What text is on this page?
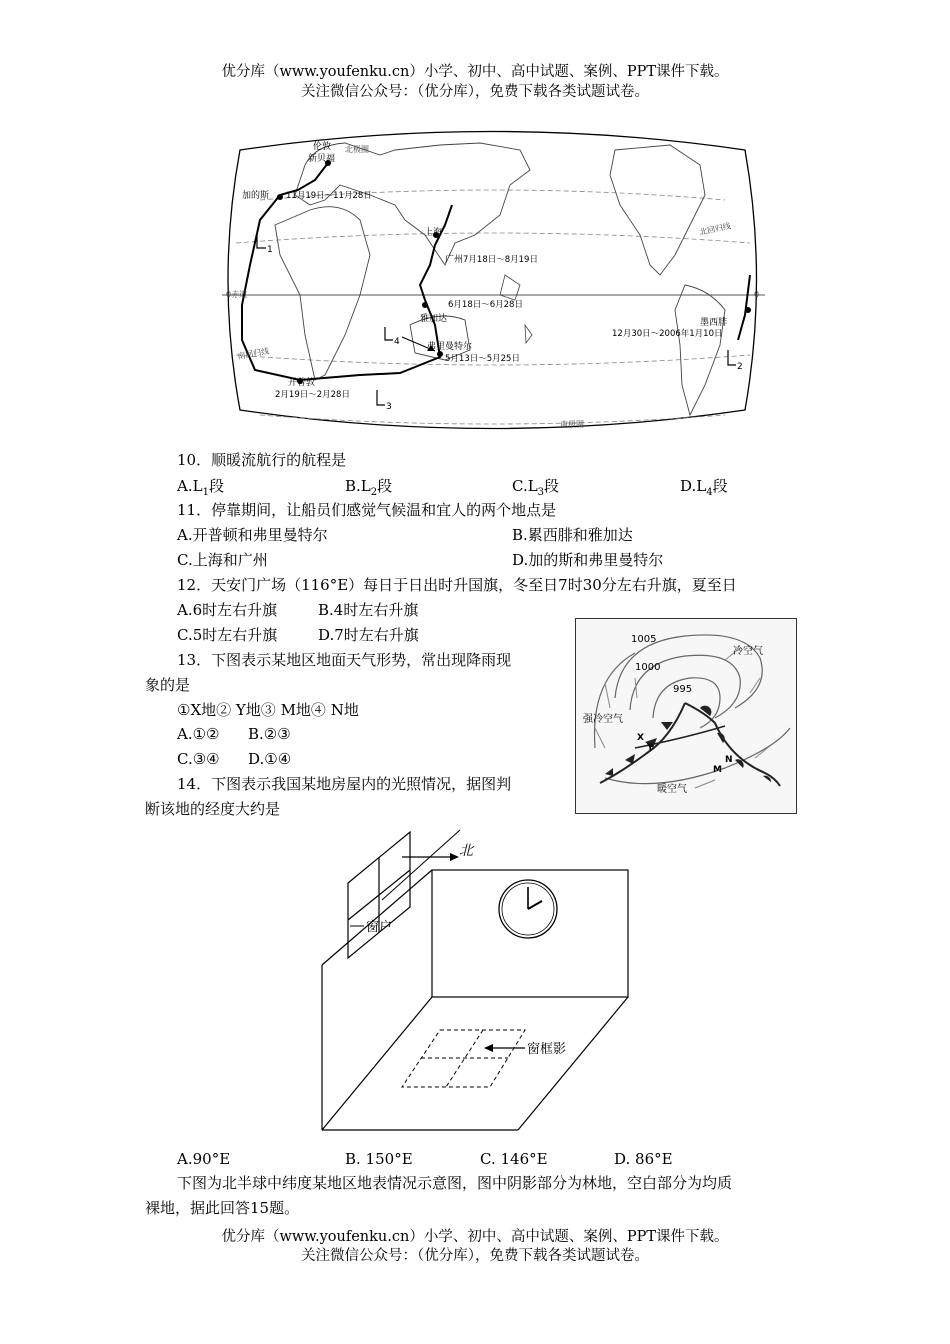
优分库（www.youfenku.cn）小学、初中、高中试题、案例、PPT课件下载。
关注微信公众号：（优分库），免费下载各类试题试卷。
伦敦
新贝福
加的斯 11月19日～11月28日
上海
广州 7月18日～8月19日
6月18日～6月28日
雅加达
弗里曼特尔
5月13日～5月25日
开普敦
2月19日～2月28日
墨西腓
12月30日～2006年1月10日
北极圈
北回归线
0赤道	0
南回归线
南极圈
1
2
3
4
10．顺暖流航行的航程是
$A.L_1$段	$B.L_2$段	$C.L_3$段	$D.L_4$段
11．停靠期间，让船员们感觉气候温和宜人的两个地点是
A.开普顿和弗里曼特尔	B.累西腓和雅加达
C.上海和广州	D.加的斯和弗里曼特尔
12．天安门广场（116°E）每日于日出时升国旗，冬至日7时30分左右升旗，夏至日
A.6时左右升旗	B.4时左右升旗
C.5时左右升旗	D.7时左右升旗
13．下图表示某地区地面天气形势，常出现降雨现
象的是
①X地② Y地③ M地④ N地
A.①② B.②③
C.③④ D.①④
14．下图表示我国某地房屋内的光照情况，据图判
断该地的经度大约是
1005
1000
995
冷空气
强冷空气
暖空气
X
Y
M
N
北
窗户
窗框影
A.90°E	B. 150°E	C. 146°E	D. 86°E
下图为北半球中纬度某地区地表情况示意图，图中阴影部分为林地，空白部分为均质
裸地，据此回答15题。
优分库（www.youfenku.cn）小学、初中、高中试题、案例、PPT课件下载。
关注微信公众号：（优分库），免费下载各类试题试卷。
